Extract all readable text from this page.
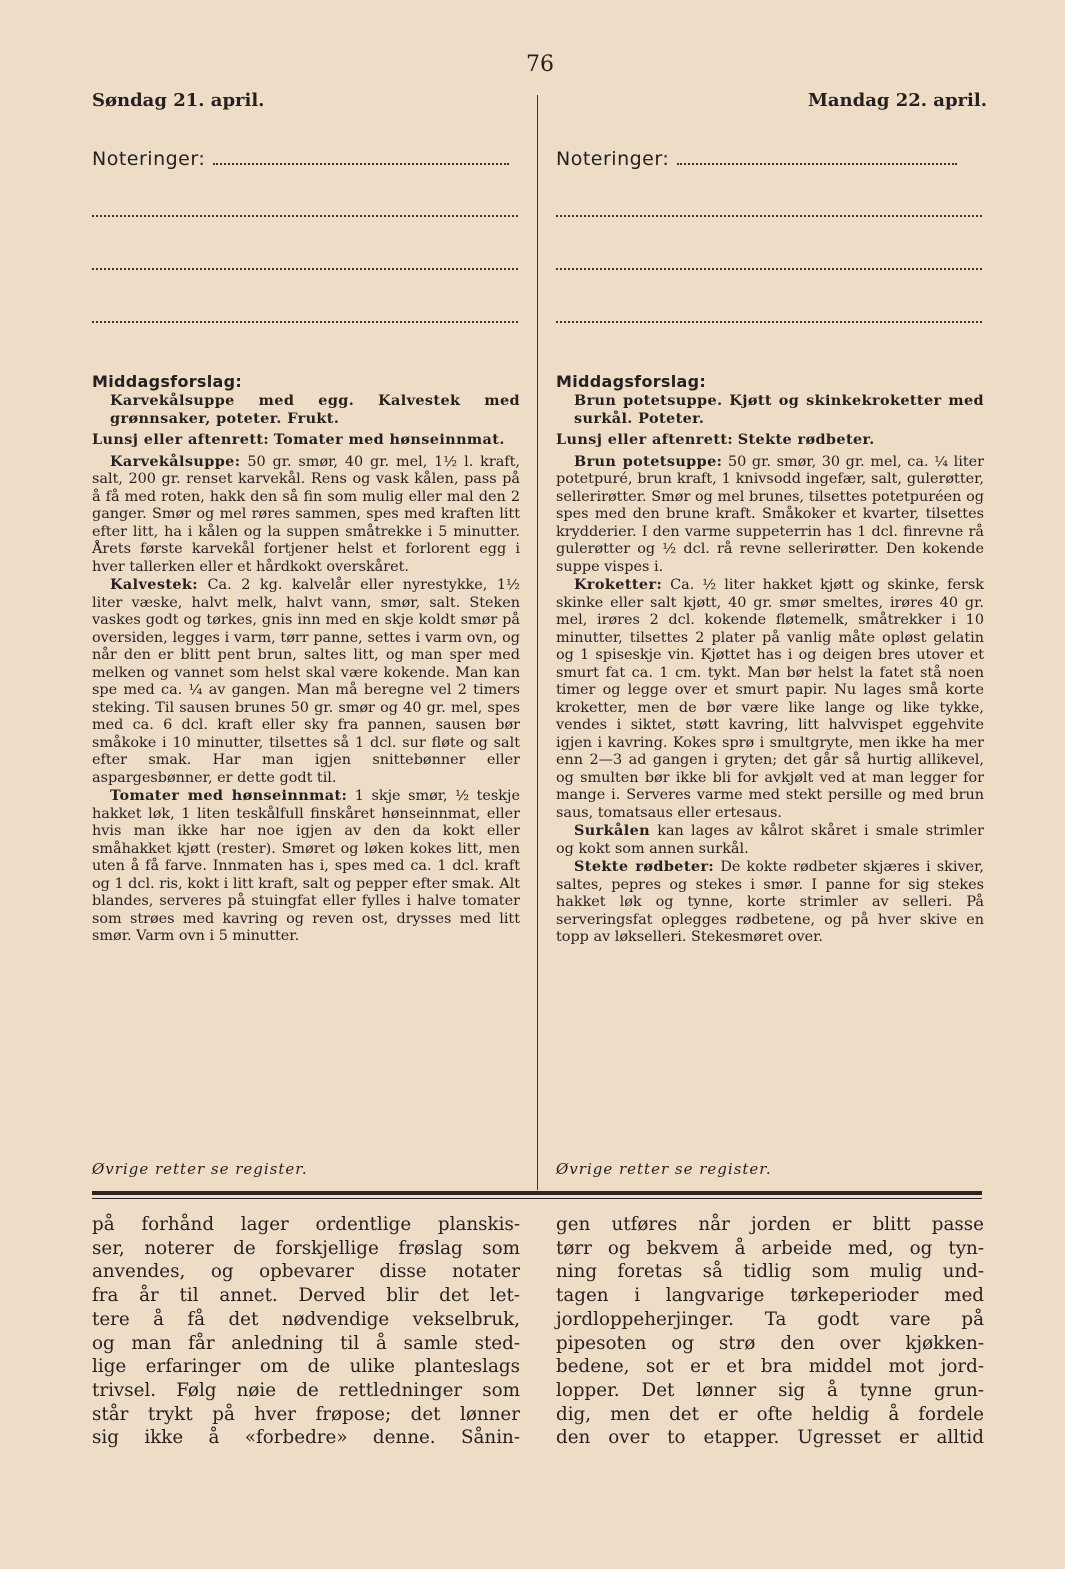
76
Søndag 21. april.	Mandag 22. april.
Noteringer:
Middagsforslag:

Karvekålsuppe med egg. Kalvestek med grønnsaker, poteter. Frukt.

Lunsj eller aftenrett: Tomater med hønseinnmat.

Karvekålsuppe: 50 gr. smør, 40 gr. mel, 1½ l. kraft, salt, 200 gr. renset karvekål. Rens og vask kålen, pass på å få med roten, hakk den så fin som mulig eller mal den 2 ganger. Smør og mel røres sammen, spes med kraften litt efter litt, ha i kålen og la suppen småtrekke i 5 minutter. Årets første karvekål fortjener helst et forlorent egg i hver tallerken eller et hårdkokt overskåret.

Kalvestek: Ca. 2 kg. kalvelår eller nyrestykke, 1½ liter væske, halvt melk, halvt vann, smør, salt. Steken vaskes godt og tørkes, gnis inn med en skje koldt smør på oversiden, legges i varm, tørr panne, settes i varm ovn, og når den er blitt pent brun, saltes litt, og man sper med melken og vannet som helst skal være kokende. Man kan spe med ca. ¼ av gangen. Man må beregne vel 2 timers steking. Til sausen brunes 50 gr. smør og 40 gr. mel, spes med ca. 6 dcl. kraft eller sky fra pannen, sausen bør småkoke i 10 minutter, tilsettes så 1 dcl. sur fløte og salt efter smak. Har man igjen snittebønner eller aspargesbønner, er dette godt til.

Tomater med hønseinnmat: 1 skje smør, ½ teskje hakket løk, 1 liten teskålfull finskåret hønseinnmat, eller hvis man ikke har noe igjen av den da kokt eller småhakket kjøtt (rester). Smøret og løken kokes litt, men uten å få farve. Innmaten has i, spes med ca. 1 dcl. kraft og 1 dcl. ris, kokt i litt kraft, salt og pepper efter smak. Alt blandes, serveres på stuingfat eller fylles i halve tomater som strøes med kavring og reven ost, drysses med litt smør. Varm ovn i 5 minutter.

Øvrige retter se register.
Noteringer:
Middagsforslag:

Brun potetsuppe. Kjøtt og skinkekroketter med surkål. Poteter.

Lunsj eller aftenrett: Stekte rødbeter.

Brun potetsuppe: 50 gr. smør, 30 gr. mel, ca. ¼ liter potetpuré, brun kraft, 1 knivsodd ingefær, salt, gulerøtter, sellerirøtter. Smør og mel brunes, tilsettes potetpuréen og spes med den brune kraft. Småkoker et kvarter, tilsettes krydderier. I den varme suppeterrin has 1 dcl. finrevne rå gulerøtter og ½ dcl. rå revne sellerirøtter. Den kokende suppe vispes i.

Kroketter: Ca. ½ liter hakket kjøtt og skinke, fersk skinke eller salt kjøtt, 40 gr. smør smeltes, irøres 40 gr. mel, irøres 2 dcl. kokende fløtemelk, småtrekker i 10 minutter, tilsettes 2 plater på vanlig måte opløst gelatin og 1 spiseskje vin. Kjøttet has i og deigen bres utover et smurt fat ca. 1 cm. tykt. Man bør helst la fatet stå noen timer og legge over et smurt papir. Nu lages små korte kroketter, men de bør være like lange og like tykke, vendes i siktet, støtt kavring, litt halvvispet eggehvite igjen i kavring. Kokes sprø i smultgryte, men ikke ha mer enn 2—3 ad gangen i gryten; det går så hurtig allikevel, og smulten bør ikke bli for avkjølt ved at man legger for mange i. Serveres varme med stekt persille og med brun saus, tomatsaus eller ertesaus.

Surkålen kan lages av kålrot skåret i smale strimler og kokt som annen surkål.

Stekte rødbeter: De kokte rødbeter skjæres i skiver, saltes, pepres og stekes i smør. I panne for sig stekes hakket løk og tynne, korte strimler av selleri. På serveringsfat oplegges rødbetene, og på hver skive en topp av løkselleri. Stekesmøret over.

Øvrige retter se register.
på forhånd lager ordentlige planskis-
ser, noterer de forskjellige frøslag som
anvendes, og opbevarer disse notater
fra år til annet. Derved blir det let-
tere å få det nødvendige vekselbruk,
og man får anledning til å samle sted-
lige erfaringer om de ulike planteslags
trivsel. Følg nøie de rettledninger som
står trykt på hver frøpose; det lønner
sig ikke å «forbedre» denne. Sånin-
gen utføres når jorden er blitt passe
tørr og bekvem å arbeide med, og tyn-
ning foretas så tidlig som mulig und-
tagen i langvarige tørkeperioder med
jordloppeherjinger. Ta godt vare på
pipesoten og strø den over kjøkken-
bedene, sot er et bra middel mot jord-
lopper. Det lønner sig å tynne grun-
dig, men det er ofte heldig å fordele
den over to etapper. Ugresset er alltid
